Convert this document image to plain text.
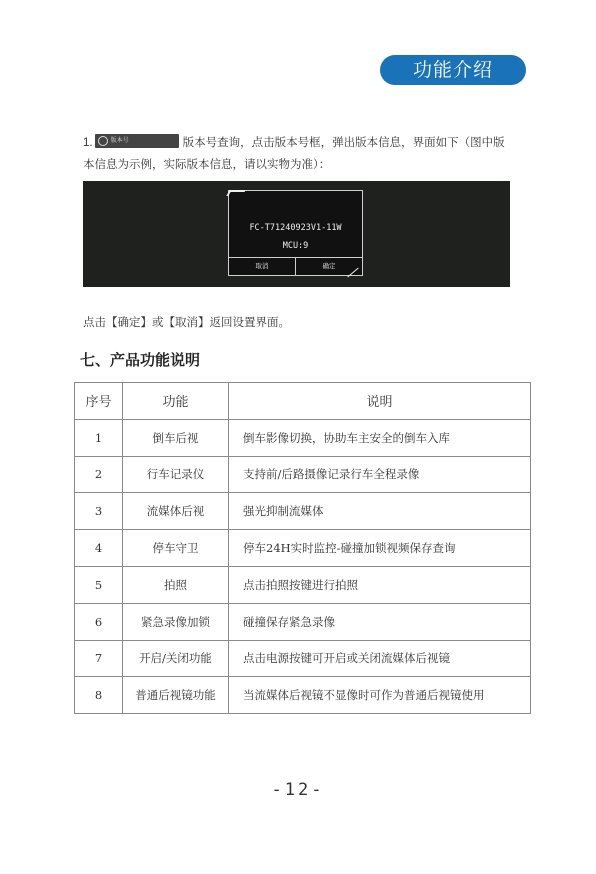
功能介绍
1.	版本号	版本号查询，点击版本号框，弹出版本信息，界面如下（图中版本信息为示例，实际版本信息，请以实物为准）：
FC-T71240923V1-11W
MCU:9
取消	确定
点击【确定】或【取消】返回设置界面。
七、产品功能说明
序号	功能	说明
1	倒车后视	倒车影像切换，协助车主安全的倒车入库
2	行车记录仪	支持前/后路摄像记录行车全程录像
3	流媒体后视	强光抑制流媒体
4	停车守卫	停车24H实时监控-碰撞加锁视频保存查询
5	拍照	点击拍照按键进行拍照
6	紧急录像加锁	碰撞保存紧急录像
7	开启/关闭功能	点击电源按键可开启或关闭流媒体后视镜
8	普通后视镜功能	当流媒体后视镜不显像时可作为普通后视镜使用
-12-
